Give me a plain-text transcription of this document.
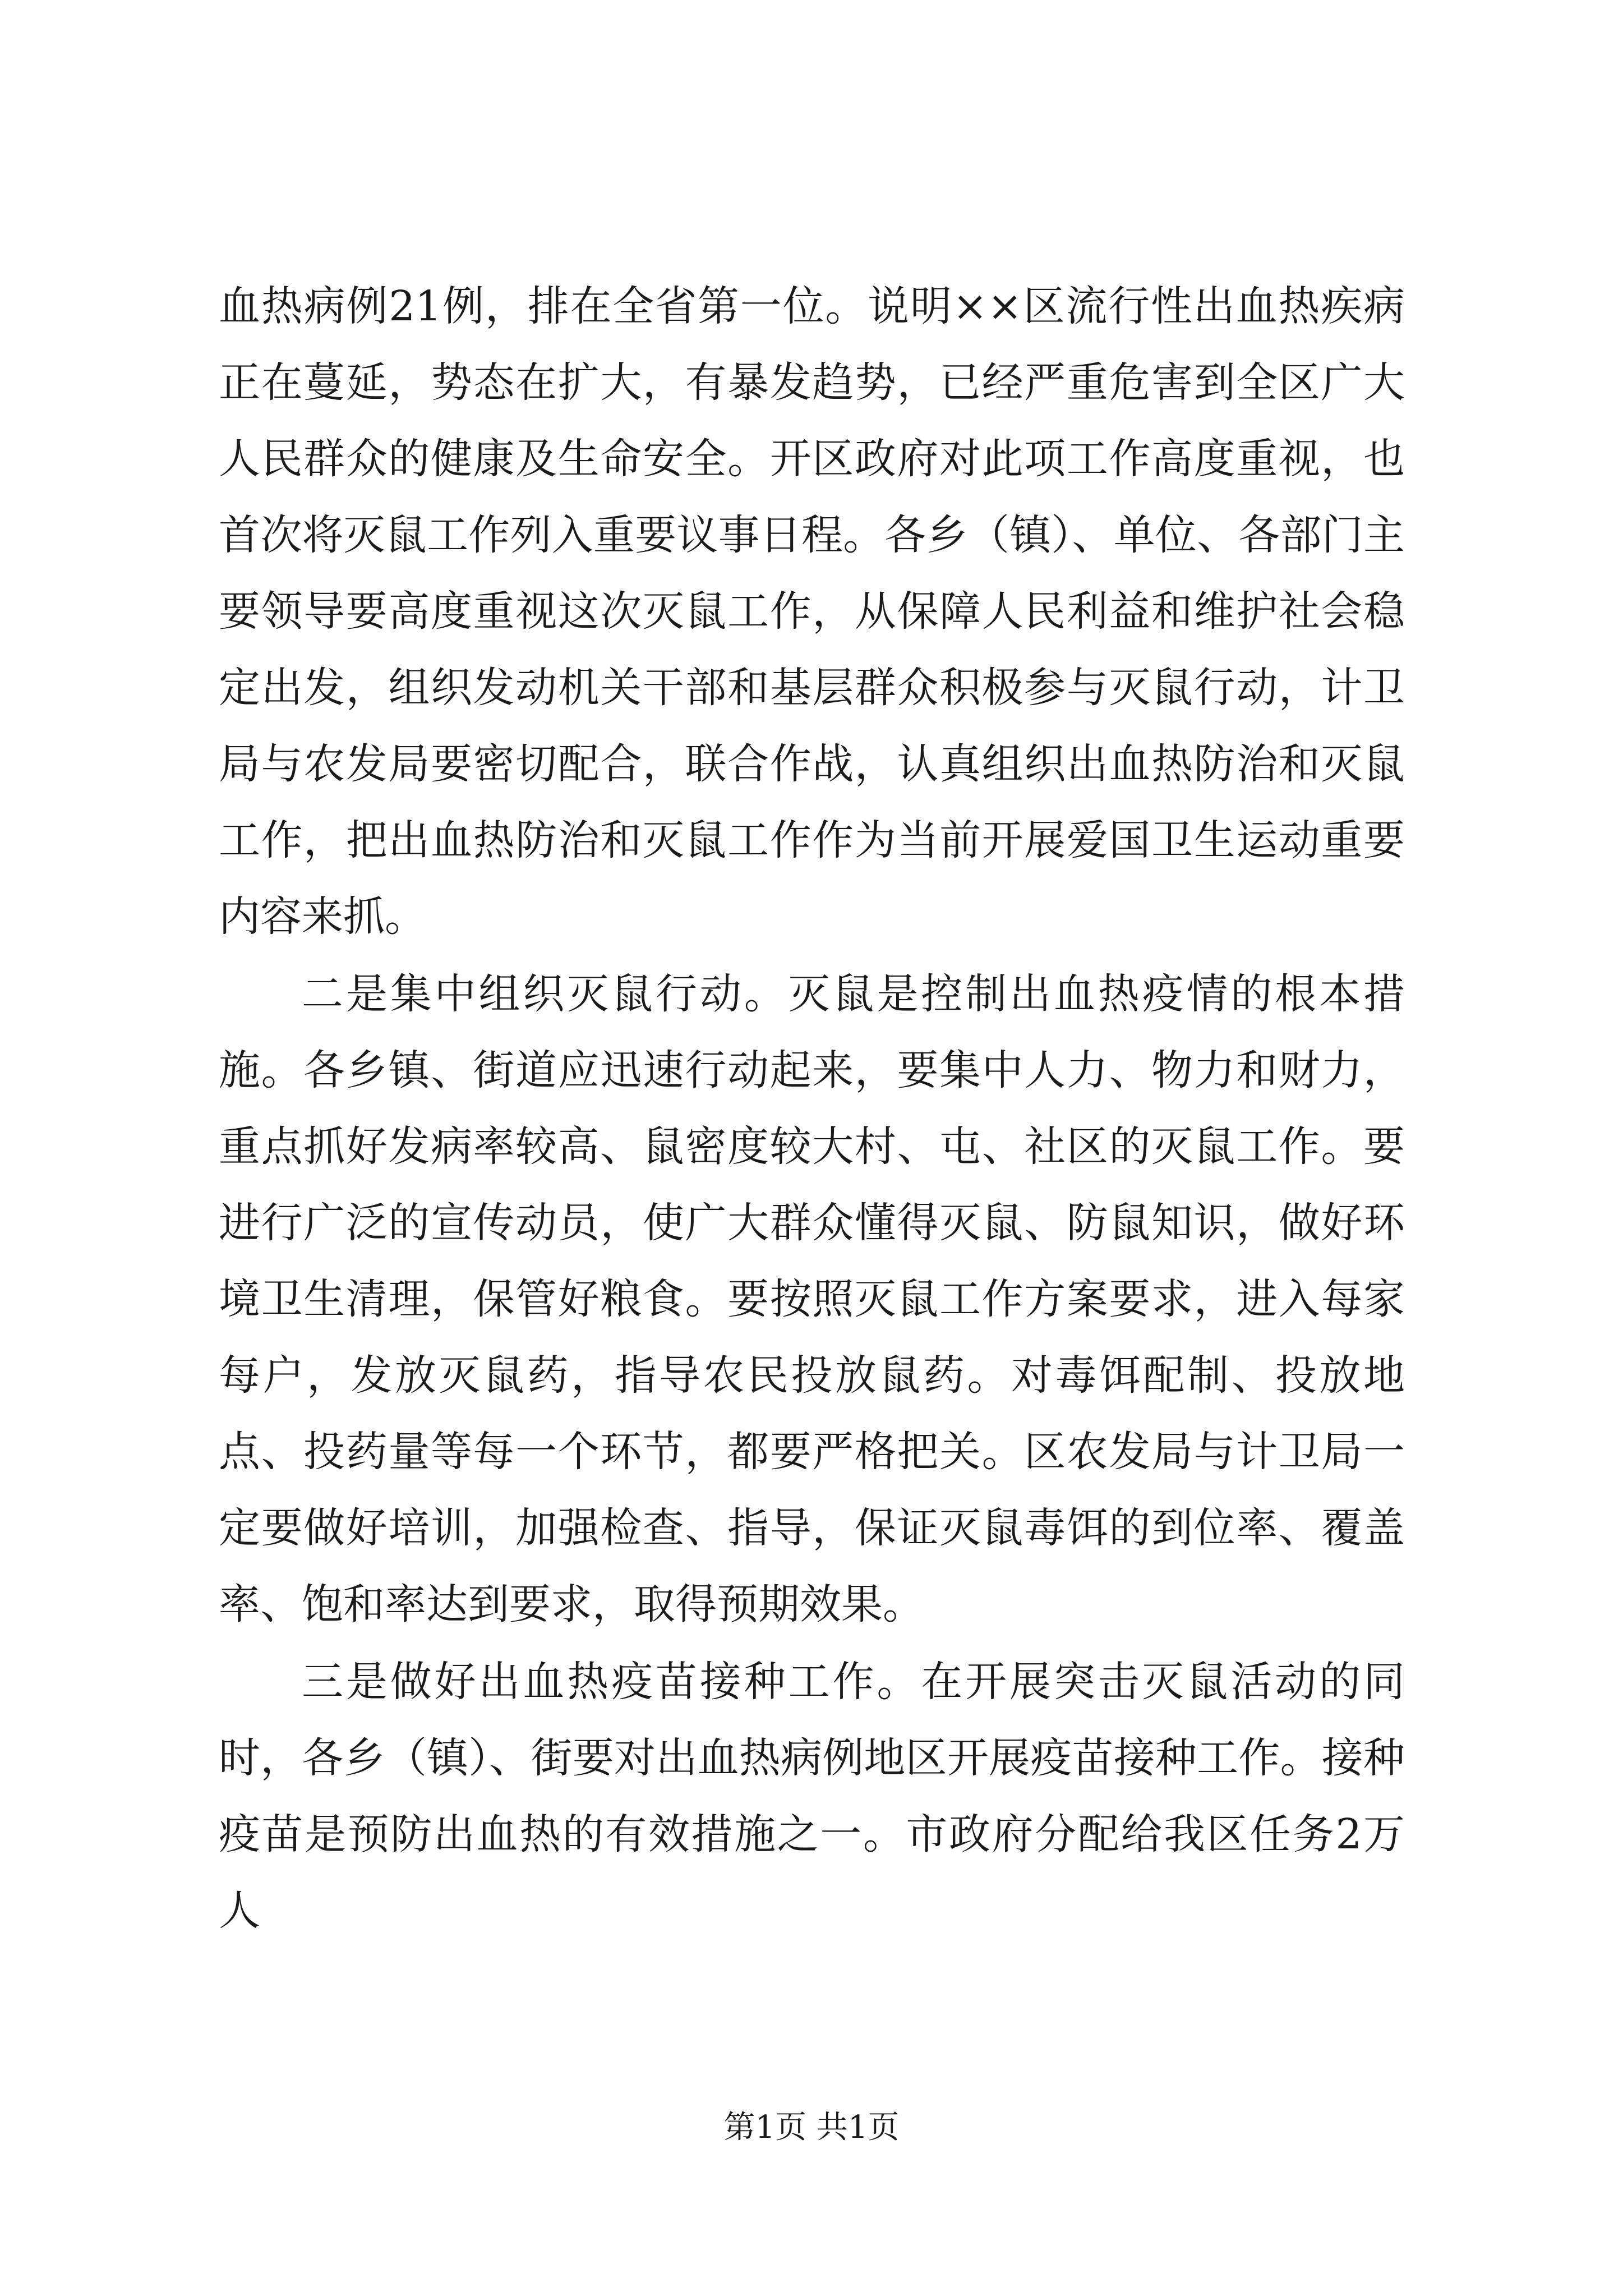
血热病例21例，排在全省第一位。说明××区流行性出血热疾病正在蔓延，势态在扩大，有暴发趋势，已经严重危害到全区广大人民群众的健康及生命安全。开区政府对此项工作高度重视，也首次将灭鼠工作列入重要议事日程。各乡（镇）、单位、各部门主要领导要高度重视这次灭鼠工作，从保障人民利益和维护社会稳定出发，组织发动机关干部和基层群众积极参与灭鼠行动，计卫局与农发局要密切配合，联合作战，认真组织出血热防治和灭鼠工作，把出血热防治和灭鼠工作作为当前开展爱国卫生运动重要内容来抓。

二是集中组织灭鼠行动。灭鼠是控制出血热疫情的根本措施。各乡镇、街道应迅速行动起来，要集中人力、物力和财力，重点抓好发病率较高、鼠密度较大村、屯、社区的灭鼠工作。要进行广泛的宣传动员，使广大群众懂得灭鼠、防鼠知识，做好环境卫生清理，保管好粮食。要按照灭鼠工作方案要求，进入每家每户，发放灭鼠药，指导农民投放鼠药。对毒饵配制、投放地点、投药量等每一个环节，都要严格把关。区农发局与计卫局一定要做好培训，加强检查、指导，保证灭鼠毒饵的到位率、覆盖率、饱和率达到要求，取得预期效果。

三是做好出血热疫苗接种工作。在开展突击灭鼠活动的同时，各乡（镇）、街要对出血热病例地区开展疫苗接种工作。接种疫苗是预防出血热的有效措施之一。市政府分配给我区任务2万人

第1页 共1页
